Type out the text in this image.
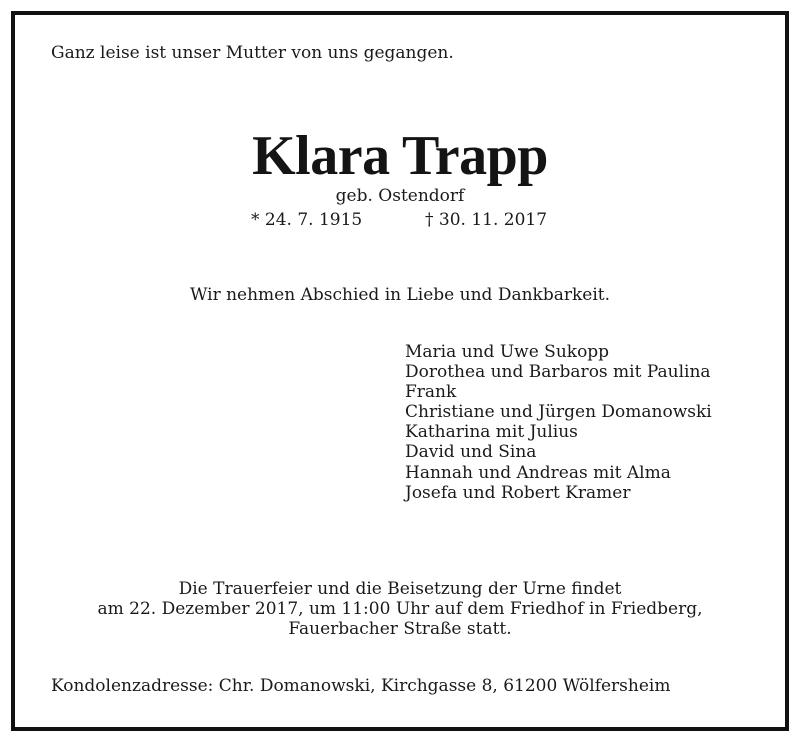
Ganz leise ist unser Mutter von uns gegangen.

Klara Trapp

geb. Ostendorf

* 24. 7. 1915	† 30. 11. 2017

Wir nehmen Abschied in Liebe und Dankbarkeit.

Maria und Uwe Sukopp
Dorothea und Barbaros mit Paulina
Frank
Christiane und Jürgen Domanowski
Katharina mit Julius
David und Sina
Hannah und Andreas mit Alma
Josefa und Robert Kramer
Die Trauerfeier und die Beisetzung der Urne findet
am 22. Dezember 2017, um 11:00 Uhr auf dem Friedhof in Friedberg,
Fauerbacher Straße statt.

Kondolenzadresse: Chr. Domanowski, Kirchgasse 8, 61200 Wölfersheim
